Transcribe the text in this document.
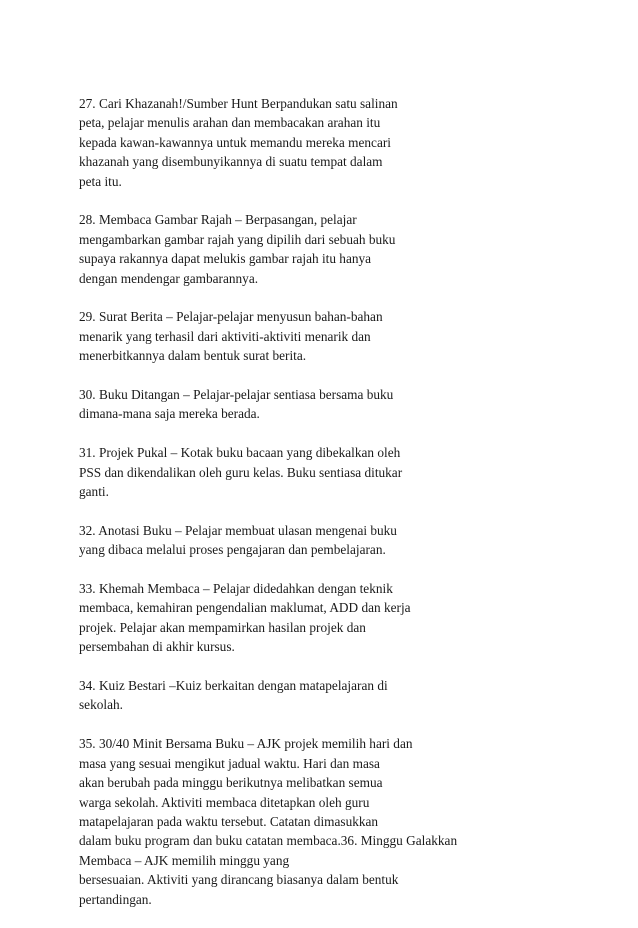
27. Cari Khazanah!/Sumber Hunt Berpandukan satu salinan
peta, pelajar menulis arahan dan membacakan arahan itu
kepada kawan-kawannya untuk memandu mereka mencari
khazanah yang disembunyikannya di suatu tempat dalam
peta itu.
28. Membaca Gambar Rajah – Berpasangan, pelajar
mengambarkan gambar rajah yang dipilih dari sebuah buku
supaya rakannya dapat melukis gambar rajah itu hanya
dengan mendengar gambarannya.
29. Surat Berita – Pelajar-pelajar menyusun bahan-bahan
menarik yang terhasil dari aktiviti-aktiviti menarik dan
menerbitkannya dalam bentuk surat berita.
30. Buku Ditangan – Pelajar-pelajar sentiasa bersama buku
dimana-mana saja mereka berada.
31. Projek Pukal – Kotak buku bacaan yang dibekalkan oleh
PSS dan dikendalikan oleh guru kelas. Buku sentiasa ditukar
ganti.
32. Anotasi Buku – Pelajar membuat ulasan mengenai buku
yang dibaca melalui proses pengajaran dan pembelajaran.
33. Khemah Membaca – Pelajar didedahkan dengan teknik
membaca, kemahiran pengendalian maklumat, ADD dan kerja
projek. Pelajar akan mempamirkan hasilan projek dan
persembahan di akhir kursus.
34. Kuiz Bestari –Kuiz berkaitan dengan matapelajaran di
sekolah.
35. 30/40 Minit Bersama Buku – AJK projek memilih hari dan
masa yang sesuai mengikut jadual waktu. Hari dan masa
akan berubah pada minggu berikutnya melibatkan semua
warga sekolah. Aktiviti membaca ditetapkan oleh guru
matapelajaran pada waktu tersebut. Catatan dimasukkan
dalam buku program dan buku catatan membaca.36. Minggu Galakkan
Membaca – AJK memilih minggu yang
bersesuaian. Aktiviti yang dirancang biasanya dalam bentuk
pertandingan.
